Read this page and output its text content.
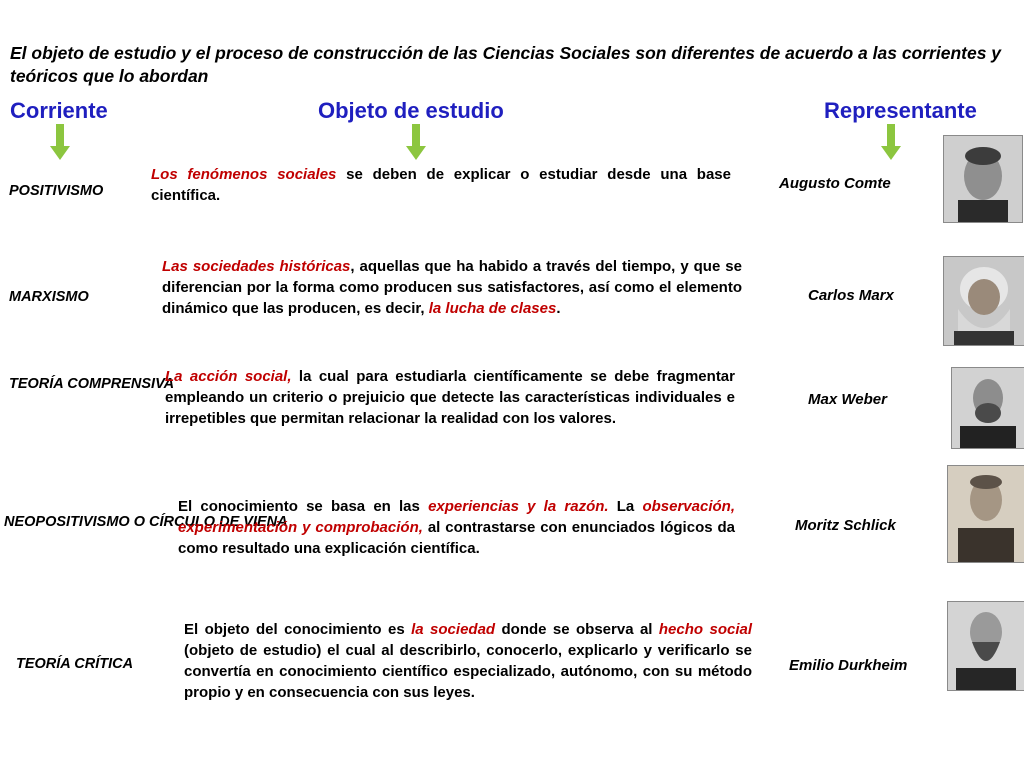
El objeto de estudio y el proceso de construcción de las Ciencias Sociales son diferentes de acuerdo a las corrientes y teóricos que lo abordan
Corriente	Objeto de estudio	Representante
POSITIVISMO
Los fenómenos sociales se deben de explicar o estudiar desde una base científica.
Augusto Comte
MARXISMO
Las sociedades históricas, aquellas que ha habido a través del tiempo, y que se diferencian por la forma como producen sus satisfactores, así como el elemento dinámico que las producen, es decir, la lucha de clases.
Carlos Marx
TEORÍA COMPRENSIVA
La acción social, la cual para estudiarla científicamente se debe fragmentar empleando un criterio o prejuicio que detecte las características individuales e irrepetibles que permitan relacionar la realidad con los valores.
Max Weber
NEOPOSITIVISMO O CÍRCULO DE VIENA
El conocimiento se basa en las experiencias y la razón. La observación, experimentación y comprobación, al contrastarse con enunciados lógicos da como resultado una explicación científica.
Moritz Schlick
TEORÍA CRÍTICA
El objeto del conocimiento es la sociedad donde se observa al hecho social (objeto de estudio) el cual al describirlo, conocerlo, explicarlo y verificarlo se convertía en conocimiento científico especializado, autónomo, con su método propio y en consecuencia con sus leyes.
Emilio Durkheim
